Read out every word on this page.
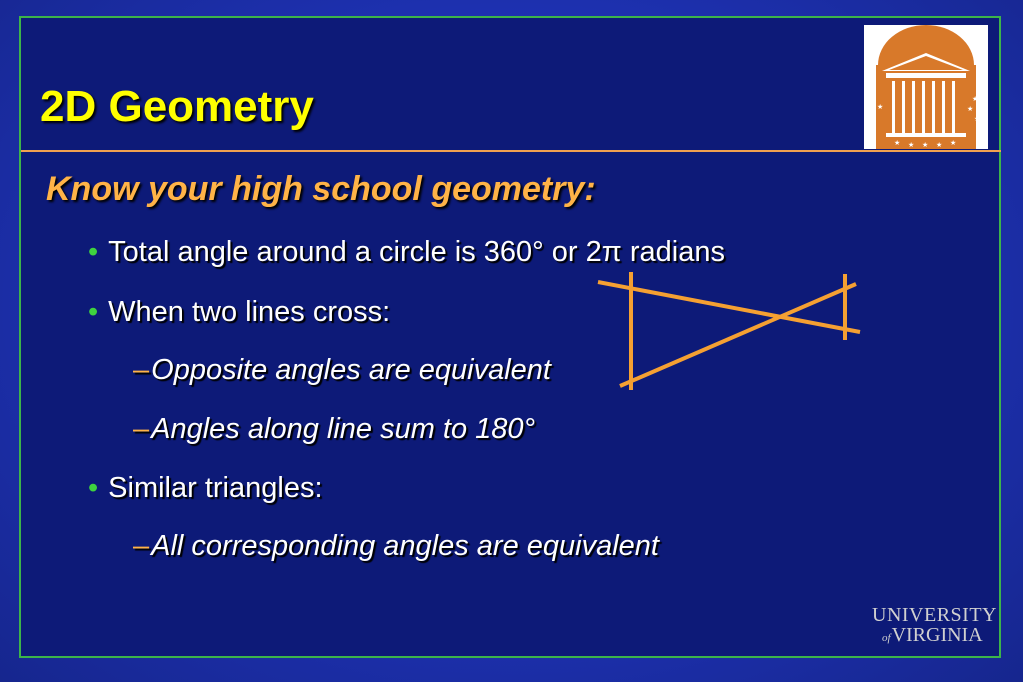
2D Geometry	★
★
★
★
★
★
★ ★ ★ ★ ★
Know your high school geometry:
• Total angle around a circle is 360° or 2π radians
• When two lines cross:
–Opposite angles are equivalent
–Angles along line sum to 180°
• Similar triangles:
–All corresponding angles are equivalent
UNIVERSITY
ofVIRGINIA
